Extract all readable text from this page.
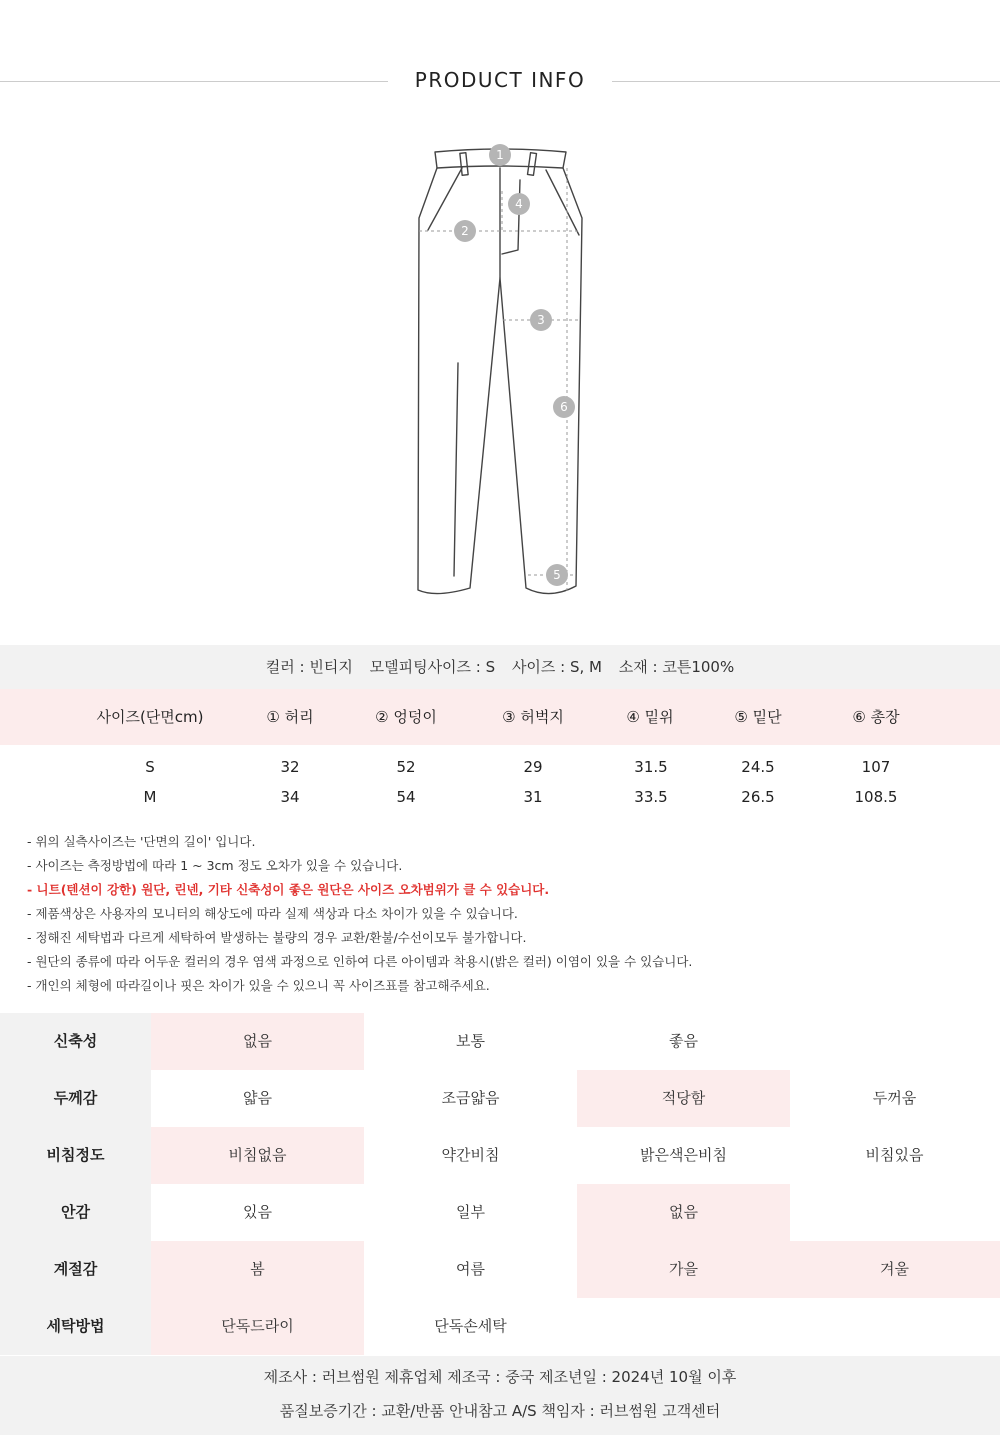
PRODUCT INFO
1
2
3
4
5
6
컬러 : 빈티지 모델피팅사이즈 : S 사이즈 : S, M 소재 : 코튼100%
사이즈(단면cm)	① 허리	② 엉덩이	③ 허벅지	④ 밑위	⑤ 밑단	⑥ 총장
S	32	52	29	31.5	24.5	107
M	34	54	31	33.5	26.5	108.5
- 위의 실측사이즈는 '단면의 길이' 입니다.
- 사이즈는 측정방법에 따라 1 ~ 3cm 정도 오차가 있을 수 있습니다.
- 니트(텐션이 강한) 원단, 린넨, 기타 신축성이 좋은 원단은 사이즈 오차범위가 클 수 있습니다.
- 제품색상은 사용자의 모니터의 해상도에 따라 실제 색상과 다소 차이가 있을 수 있습니다.
- 정해진 세탁법과 다르게 세탁하여 발생하는 불량의 경우 교환/환불/수선이모두 불가합니다.
- 원단의 종류에 따라 어두운 컬러의 경우 염색 과정으로 인하여 다른 아이템과 착용시(밝은 컬러) 이염이 있을 수 있습니다.
- 개인의 체형에 따라길이나 핏은 차이가 있을 수 있으니 꼭 사이즈표를 참고해주세요.
신축성	없음	보통	좋음
두께감	얇음	조금얇음	적당함	두꺼움
비침정도	비침없음	약간비침	밝은색은비침	비침있음
안감	있음	일부	없음
계절감	봄	여름	가을	겨울
세탁방법	단독드라이	단독손세탁
제조사 : 러브썸원 제휴업체 제조국 : 중국 제조년일 : 2024년 10월 이후
품질보증기간 : 교환/반품 안내참고 A/S 책임자 : 러브썸원 고객센터
